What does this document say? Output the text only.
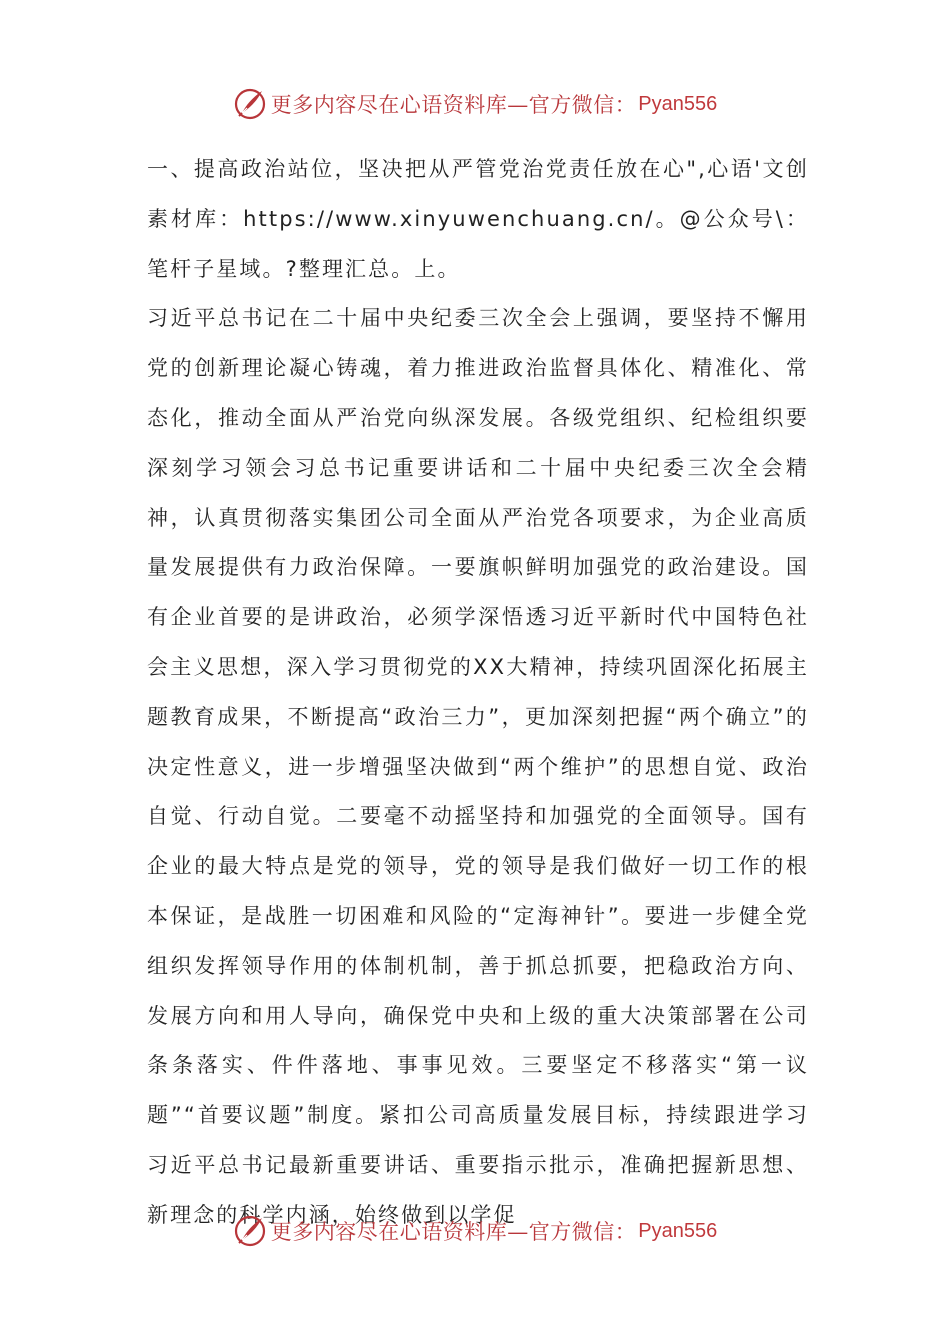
更多内容尽在心语资料库—官方微信： Pyan556

一、提高政治站位，坚决把从严管党治党责任放在心",心语'文创素材库：https://www.xinyuwenchuang.cn/。@公众号\：笔杆子星域。?整理汇总。上。

习近平总书记在二十届中央纪委三次全会上强调，要坚持不懈用党的创新理论凝心铸魂，着力推进政治监督具体化、精准化、常态化，推动全面从严治党向纵深发展。各级党组织、纪检组织要深刻学习领会习总书记重要讲话和二十届中央纪委三次全会精神，认真贯彻落实集团公司全面从严治党各项要求，为企业高质量发展提供有力政治保障。一要旗帜鲜明加强党的政治建设。国有企业首要的是讲政治，必须学深悟透习近平新时代中国特色社会主义思想，深入学习贯彻党的XX大精神，持续巩固深化拓展主题教育成果，不断提高“政治三力”，更加深刻把握“两个确立”的决定性意义，进一步增强坚决做到“两个维护”的思想自觉、政治自觉、行动自觉。二要毫不动摇坚持和加强党的全面领导。国有企业的最大特点是党的领导，党的领导是我们做好一切工作的根本保证，是战胜一切困难和风险的“定海神针”。要进一步健全党组织发挥领导作用的体制机制，善于抓总抓要，把稳政治方向、发展方向和用人导向，确保党中央和上级的重大决策部署在公司条条落实、件件落地、事事见效。三要坚定不移落实“第一议题”“首要议题”制度。紧扣公司高质量发展目标，持续跟进学习习近平总书记最新重要讲话、重要指示批示，准确把握新思想、新理念的科学内涵，始终做到以学促

更多内容尽在心语资料库—官方微信： Pyan556
